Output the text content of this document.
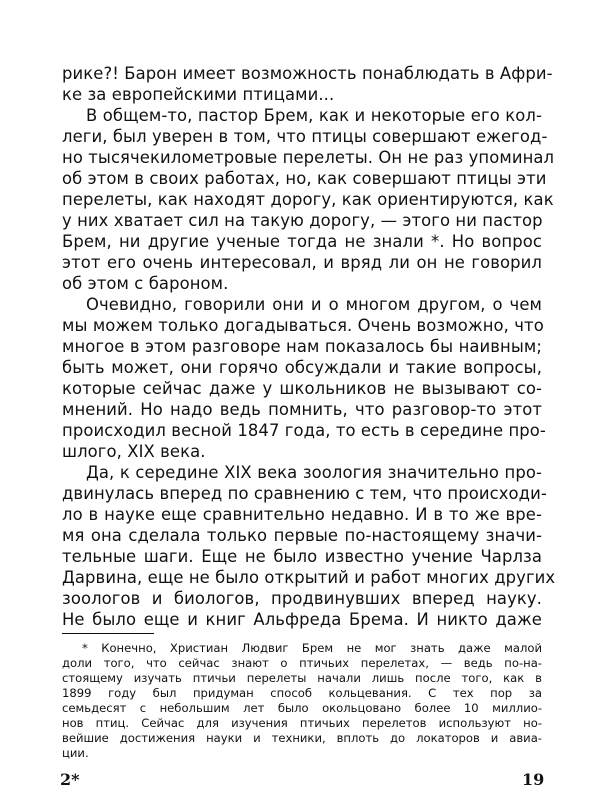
рике?! Барон имеет возможность понаблюдать в Афри-
ке за европейскими птицами...
В общем-то, пастор Брем, как и некоторые его кол-
леги, был уверен в том, что птицы совершают ежегод-
но тысячекилометровые перелеты. Он не раз упоминал
об этом в своих работах, но, как совершают птицы эти
перелеты, как находят дорогу, как ориентируются, как
у них хватает сил на такую дорогу, — этого ни пастор
Брем, ни другие ученые тогда не знали *. Но вопрос
этот его очень интересовал, и вряд ли он не говорил
об этом с бароном.
Очевидно, говорили они и о многом другом, о чем
мы можем только догадываться. Очень возможно, что
многое в этом разговоре нам показалось бы наивным;
быть может, они горячо обсуждали и такие вопросы,
которые сейчас даже у школьников не вызывают со-
мнений. Но надо ведь помнить, что разговор-то этот
происходил весной 1847 года, то есть в середине про-
шлого, XIX века.
Да, к середине XIX века зоология значительно про-
двинулась вперед по сравнению с тем, что происходи-
ло в науке еще сравнительно недавно. И в то же вре-
мя она сделала только первые по-настоящему значи-
тельные шаги. Еще не было известно учение Чарлза
Дарвина, еще не было открытий и работ многих других
зоологов и биологов, продвинувших вперед науку.
Не было еще и книг Альфреда Брема. И никто даже
* Конечно, Христиан Людвиг Брем не мог знать даже малой
доли того, что сейчас знают о птичьих перелетах, — ведь по-на-
стоящему изучать птичьи перелеты начали лишь после того, как в
1899 году был придуман способ кольцевания. С тех пор за
семьдесят с небольшим лет было окольцовано более 10 миллио-
нов птиц. Сейчас для изучения птичьих перелетов используют но-
вейшие достижения науки и техники, вплоть до локаторов и авиа-
ции.
2*	19
